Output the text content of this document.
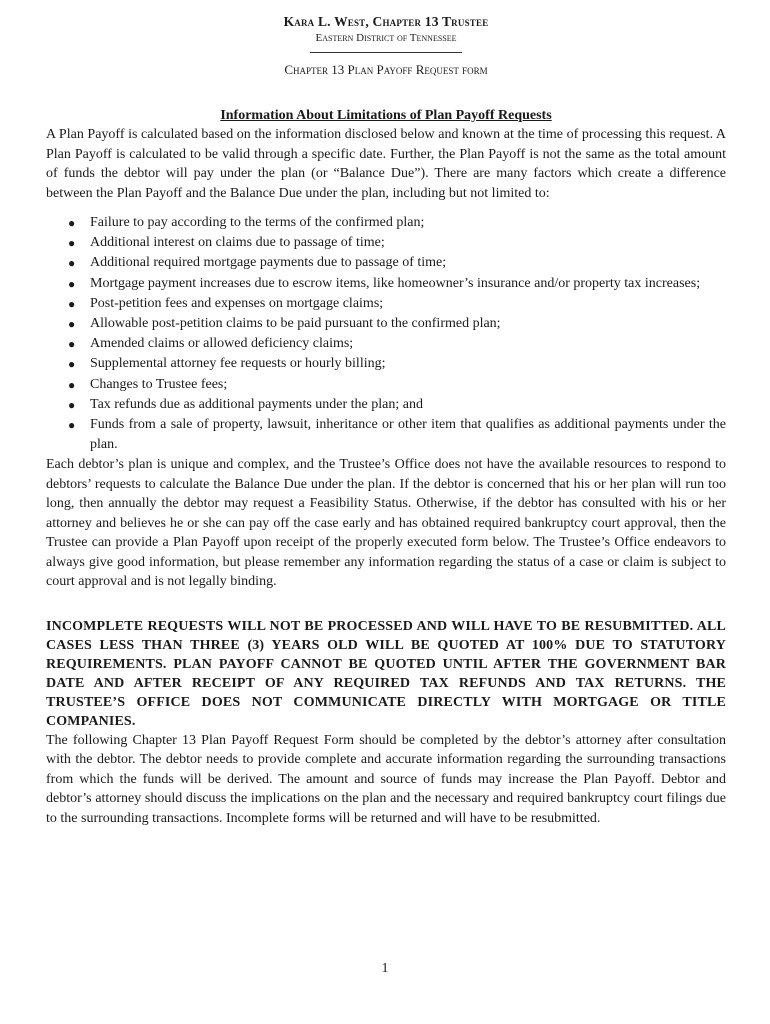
Kara L. West, Chapter 13 Trustee
Eastern District of Tennessee
Chapter 13 Plan Payoff Request form
Information About Limitations of Plan Payoff Requests

A Plan Payoff is calculated based on the information disclosed below and known at the time of processing this request. A Plan Payoff is calculated to be valid through a specific date. Further, the Plan Payoff is not the same as the total amount of funds the debtor will pay under the plan (or “Balance Due”). There are many factors which create a difference between the Plan Payoff and the Balance Due under the plan, including but not limited to:

● Failure to pay according to the terms of the confirmed plan;
● Additional interest on claims due to passage of time;
● Additional required mortgage payments due to passage of time;
● Mortgage payment increases due to escrow items, like homeowner’s insurance and/or property tax increases;
● Post-petition fees and expenses on mortgage claims;
● Allowable post-petition claims to be paid pursuant to the confirmed plan;
● Amended claims or allowed deficiency claims;
● Supplemental attorney fee requests or hourly billing;
● Changes to Trustee fees;
● Tax refunds due as additional payments under the plan; and
● Funds from a sale of property, lawsuit, inheritance or other item that qualifies as additional payments under the plan.

Each debtor’s plan is unique and complex, and the Trustee’s Office does not have the available resources to respond to debtors’ requests to calculate the Balance Due under the plan. If the debtor is concerned that his or her plan will run too long, then annually the debtor may request a Feasibility Status. Otherwise, if the debtor has consulted with his or her attorney and believes he or she can pay off the case early and has obtained required bankruptcy court approval, then the Trustee can provide a Plan Payoff upon receipt of the properly executed form below. The Trustee’s Office endeavors to always give good information, but please remember any information regarding the status of a case or claim is subject to court approval and is not legally binding.

INCOMPLETE REQUESTS WILL NOT BE PROCESSED AND WILL HAVE TO BE RESUBMITTED. ALL CASES LESS THAN THREE (3) YEARS OLD WILL BE QUOTED AT 100% DUE TO STATUTORY REQUIREMENTS. PLAN PAYOFF CANNOT BE QUOTED UNTIL AFTER THE GOVERNMENT BAR DATE AND AFTER RECEIPT OF ANY REQUIRED TAX REFUNDS AND TAX RETURNS. THE TRUSTEE’S OFFICE DOES NOT COMMUNICATE DIRECTLY WITH MORTGAGE OR TITLE COMPANIES.

The following Chapter 13 Plan Payoff Request Form should be completed by the debtor’s attorney after consultation with the debtor. The debtor needs to provide complete and accurate information regarding the surrounding transactions from which the funds will be derived. The amount and source of funds may increase the Plan Payoff. Debtor and debtor’s attorney should discuss the implications on the plan and the necessary and required bankruptcy court filings due to the surrounding transactions. Incomplete forms will be returned and will have to be resubmitted.

1
